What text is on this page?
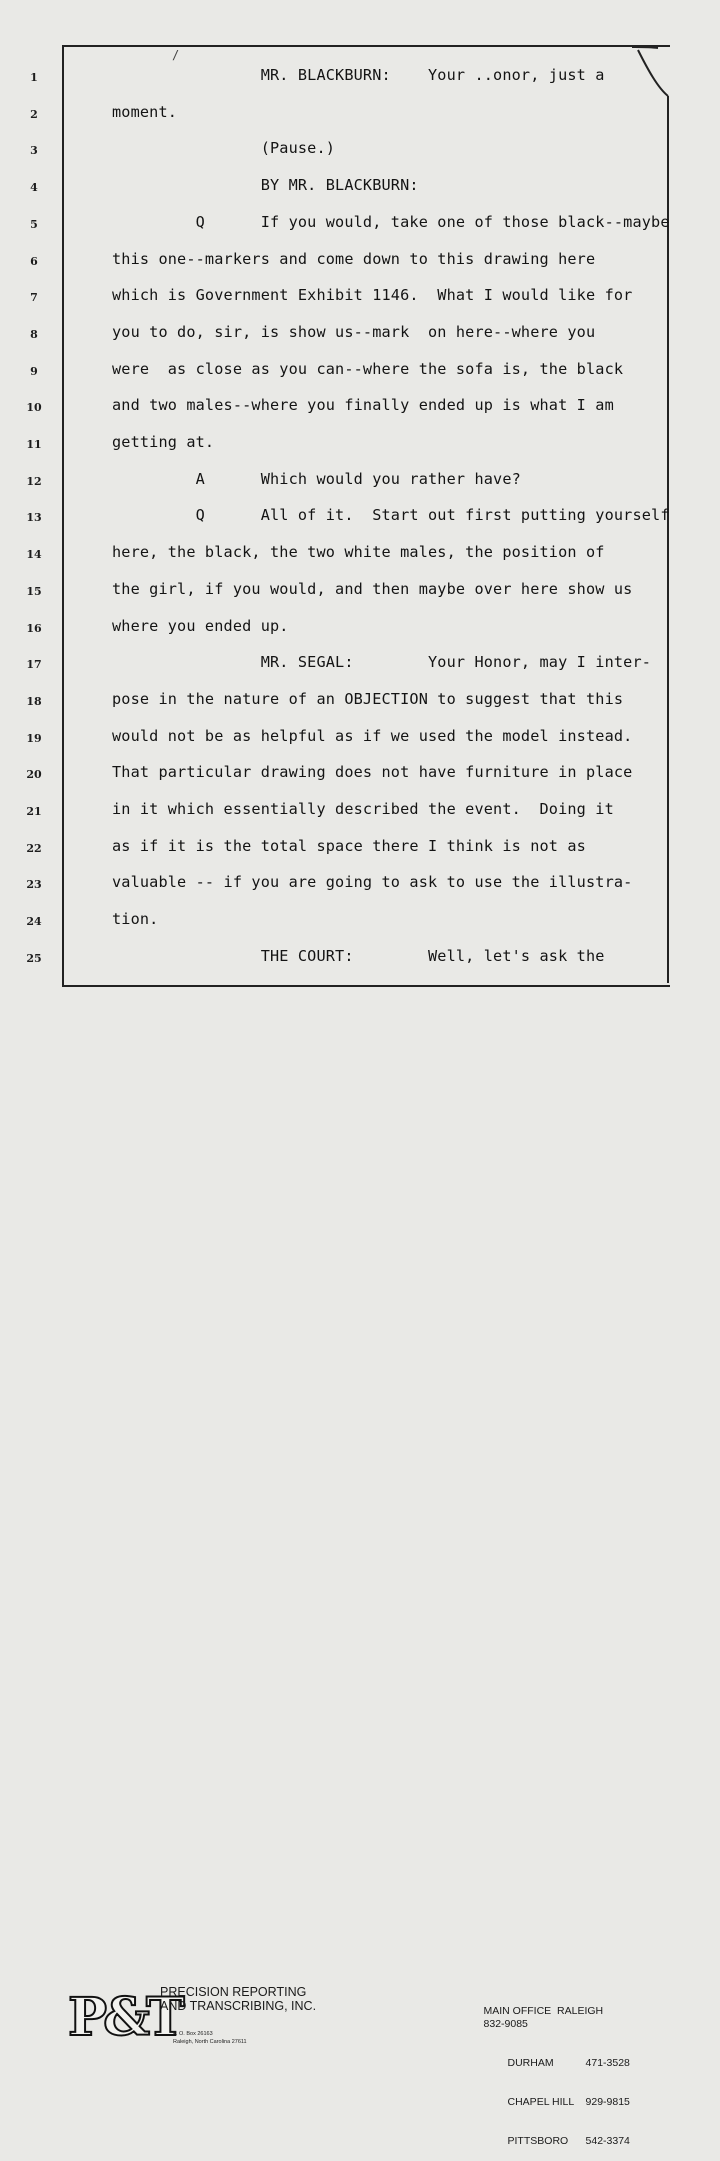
/
1	MR. BLACKBURN:    Your ..onor, just a
2	moment.
3	(Pause.)
4	BY MR. BLACKBURN:
5	Q      If you would, take one of those black--maybe
6	this one--markers and come down to this drawing here
7	which is Government Exhibit 1146.  What I would like for
8	you to do, sir, is show us--mark  on here--where you
9	were  as close as you can--where the sofa is, the black
10	and two males--where you finally ended up is what I am
11	getting at.
12	A      Which would you rather have?
13	Q      All of it.  Start out first putting yourself
14	here, the black, the two white males, the position of
15	the girl, if you would, and then maybe over here show us
16	where you ended up.
17	MR. SEGAL:        Your Honor, may I inter-
18	pose in the nature of an OBJECTION to suggest that this
19	would not be as helpful as if we used the model instead.
20	That particular drawing does not have furniture in place
21	in it which essentially described the event.  Doing it
22	as if it is the total space there I think is not as
23	valuable -- if you are going to ask to use the illustra-
24	tion.
25	THE COURT:        Well, let's ask the
P&T
PRECISION REPORTING
AND TRANSCRIBING, INC.
P. O. Box 26163
Raleigh, North Carolina 27611

MAIN OFFICE  RALEIGH
832-9085

DURHAM	471-3528

CHAPEL HILL 929-9815

PITTSBORO 542-3374
